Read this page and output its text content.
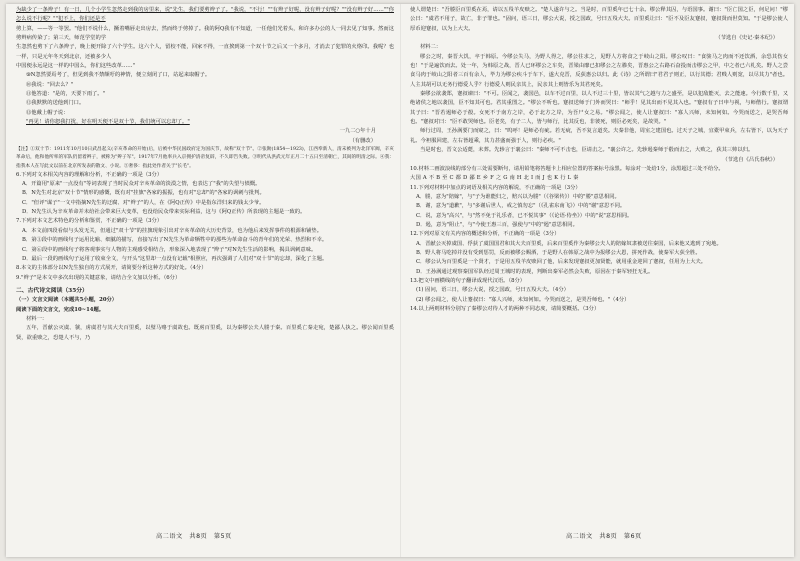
为缺少了一条辫子！有一日，几个小学生忽然走到我的房里来，说"先生，我们要剪辫子了。"我说，"不行！""有辫子好呢，没有辫子好呢？""没有辫子好……""你怎么说不行呢？""犯不上，你们还是不

剪上算，——等一等罢。"他们不说什么，撅着嘴唇走出房去，然而终于剪掉了。我的阿Q我有不知道，一任他们光着头，和许多办公的人一同去见了知事。然而这剪辫病传染了；第三天，师范学堂的学

生忽然也剪下了六条辫子，晚上便开除了六个学生。这六个人，留校不能，回家不得，一直挨到第一个双十节之后又一个多月，才消去了犯罪的火烙印。我呢？也一样，只是元年冬天到北京，还被多少人

中国便永远是这一样的中国么，你们这些改革……"

⑨N忽然要焉考了，但见到我不禁颇吁的神情，便立刻闭了口，站起来取帽子。

⑩我说："回去么？"

⑪他答道："是的，天要下雨了。"

⑫我默默的送他到门口。

⑬他戴上帽子说：

"再见！请你恕我打扰，好在明天便不是双十节，我们统可以忘却了。"

一九二○年十月

（有删改）

【注】①双十节：1911年10月10日武昌起义(辛亥革命的开始)后，后被中华民国政府定为国庆节，故称"双十节"。②张勋(1854—1923)，江西奉新人，清末被列为北洋军阀，辛亥革命后，他和他所率的军队仍留着辫子，被称为"辫子军"。1917年7月他率兵入京拥护清帝复辟，不久即告失败。③明代从洪武元年正月二十五日至清朝亡，其间的明清之际。④我：指我本人在写此文以前在北京所发表的散文、小说。⑤奢侈：指此处作者关于"长毛"。

6.下列对文本相关内容的理解和分析，不正确的一项是（3分）

A．开篇用"原来"一点没有"等词表现了当时民众对辛亥革命的淡漠之情，也表达了"我"的失望与愤慨。

B．N先生对北京"双十节"情形的感慨，既有对"挂旗"各家的振振，也有对"忘却"的"各家的讽刺与批判。

C．"但评"谋子"一文中指摘N先生的迂腐、对"辫子"的人，在《阿Q正传》中是指东洋归来的钱太少爷。

D．N先生认为辛亥革命并未给社会带来巨大变革，也没给民众带来实际利益，这与《阿Q正传》所表现的主题是一致的。

7.下列对本文艺术特色的分析和鉴赏，不正确的一项是（3分）

A．本文前四段看似与头发无关，但通过"双十节"的挂旗现象引出对辛亥革命的大历史背景，也为他后来发挥事件的根源和铺垫。

B．第③段中的画线句子运用比喻、细腻的描写，直接写出了N先生为革命牺牲中的那些为革命奋斗的青年们的光荣、热烈和不幸。

C．第⑥段中的画线句子将客观事实与人物的主观感受相结合，形象深入地表现了"辫子"对N先生生活的影响，揭具讽刺意味。

D．最后一段的画线句子运用了收束全文，与开头"这里却一点没有记载"相照应，再次强调了人们对"双十节"的忘却，深化了主题。

8.本文的主体部分以N先生独自的方式展开，请简要分析这种方式的好处。（4分）

9."辫子"是本文中多次出现的关键意象，请结合全文加以分析。（6分）

二、古代诗文阅读（35分）

（一）文言文阅读（本题共5小题，20分）

阅读下面的文言文，完成10~14题。

材料一：

五年，晋献公灭虞、虢，虏虞君与其大夫百里奚，以璧马赂于虞故也。既虏百里奚，以为秦缪公夫人媵于秦。百里奚亡秦走宛，楚鄙人执之。缪公闻百里奚贤，欲重赎之，恐楚人不与，乃

高二语文　共8页　第5页

使人谓楚曰："吾媵臣百里奚在焉，请以五羖羊皮赎之。"楚人遂许与之。当是时，百里奚年已七十余。缪公释其囚，与语国事。谢曰："臣亡国之臣，何足问！"缪公曰："虞君不用子，故亡，非子罪也。"固问，语三日，缪公大说，授之国政，号曰五羖大夫。百里奚让曰："臣不及臣友蹇叔，蹇叔贤而世莫知。"于是缪公使人厚币迎蹇叔，以为上大夫。

（节选自《史记·秦本纪》）

材料二：

缪公之时，秦晋大饥，卒于韩原。今缪公失马，为野人得之，缪公往求之，见野人方将食之于岐山之阳。缪公叹曰："食骏马之肉而不还饮酒，余恐其伤女也！"于是遍饮而去。处一年，为韩原之战，晋人已环缪公之车矣，晋梁由靡已扣缪公之左骖矣，晋惠公之右路石奋投而击缪公之甲，中之者已六札矣。野人之尝食马肉于岐山之阳者三百有余人，毕力为缪公疾斗于车下，遂大克晋，反获惠公以归。此《诗》之所谓曰"君君子则正，以行其德；君贱人则宽，以尽其力"者也。人主其胡可以无务行德爱人乎？行德爱人则民亲其上，民亲其上则皆乐为其君死矣。

秦缪公欲袭郑，蹇叔谏曰："不可。臣闻之，袭国邑，以车不过百里，以人不过三十里，皆以其气之越与力之盛至，是以犯敌能灭，去之能速。今行数千里，又绝诸侯之地以袭国，臣不知其可也。君其重图之。"缪公不听也。蹇叔送师于门外而哭曰："师乎！见其出而不见其入也。"蹇叔有子曰申与视，与师偕行。蹇叔谓其子曰："晋若遏师必于殽。女死不于南方之岸，必于北方之岸，为吾尸女之易。"缪公闻之，使人让蹇叔曰："寡人兴师，未知何如。今哭而送之，是哭吾师也。"蹇叔对曰："臣不敢哭师也。臣老矣，有子二人，皆与师行，比其反也，非彼死，则臣必死矣，是故哭。"

师行过周，王孙满要门而窥之，曰："呜呼！是师必有疵。若无疵，吾不复言道矣。夫秦非他，周室之建国也。过天子之城，宜橐甲束兵，左右皆下，以为天子礼。今袒服回建，左右皆超乘，其力甚盛而强于人，则行必疾。"

当是时也，晋文公适薨，未葬。先轸言于襄公曰："秦师不可不击也，臣请击之。"襄公许之。先轸遏秦师于殽而击之，大败之，获其三帅以归。

（节选自《吕氏春秋》）

10.材料二画波浪线的部分有三处需要断句，请用铅笔将答题卡上相应位置的答案标号涂黑。每涂对一处给1分，涂黑超过三处不给分。

大国 A 不 B 至 C 都 D 鄙 E 乡 F 之 G 南 H 北 I 而 J 也 K 行 L 秦

11.下列对材料中加点的词语及相关内容的解说，不正确的一项是（3分）

A．媵，意为"陪嫁"，与"子为谁能归之，赔兴以为媵"（《谷梁传》）中的"媵"意思相同。

B．谢，意为"道歉"，与"多谢后世人，戒之慎勿忘"（《孔雀东南飞》）中的"谢"意思不同。

C．说，意为"高兴"，与"然不免于礼乐者，已不悦其事"（《论语·侍坐》）中的"说"意思相同。

D．遏，意为"阻止"，与"今使王惠三百，强使与"中的"遏"意思相同。

12.下列对原文有关内容的概述和分析，不正确的一项是（3分）

A．晋献公灭掉虞国、俘获了虞国国君和其大夫百里奚，后来百里奚作为秦缪公夫人的陪嫁奴隶被送往秦国，后来他又逃到了宛地。

B．野人将马吃掉并没有受到惩罚，反而被缪公赐酒，于是野人在韩原之战中为报缪公大恩，拼死作战，使秦军大获全胜。

C．缪公认为百里奚是一个贤才，于是用五羖羊皮赎回了他，后来发现蹇叔更加贤能，就用重金迎回了蹇叔，任用为上大夫。

D．王孙满通过观察秦国军队经过周王城时的表现，判断出秦军必然会失败，原因在于秦军轻狂无礼。

13.把文中画横线的句子翻译成现代汉语。（8分）

(1) 固问，语三日，缪公大说，授之国政，号曰五羖大夫。（4分）

(2) 缪公闻之，使人让蹇叔曰："寡人兴师，未知何如。今哭而送之，是哭吾师也。"（4分）

14.以上两则材料分别写了秦缪公对待人才的两种不同态度，请简要概括。（3分）

高二语文　共8页　第6页
